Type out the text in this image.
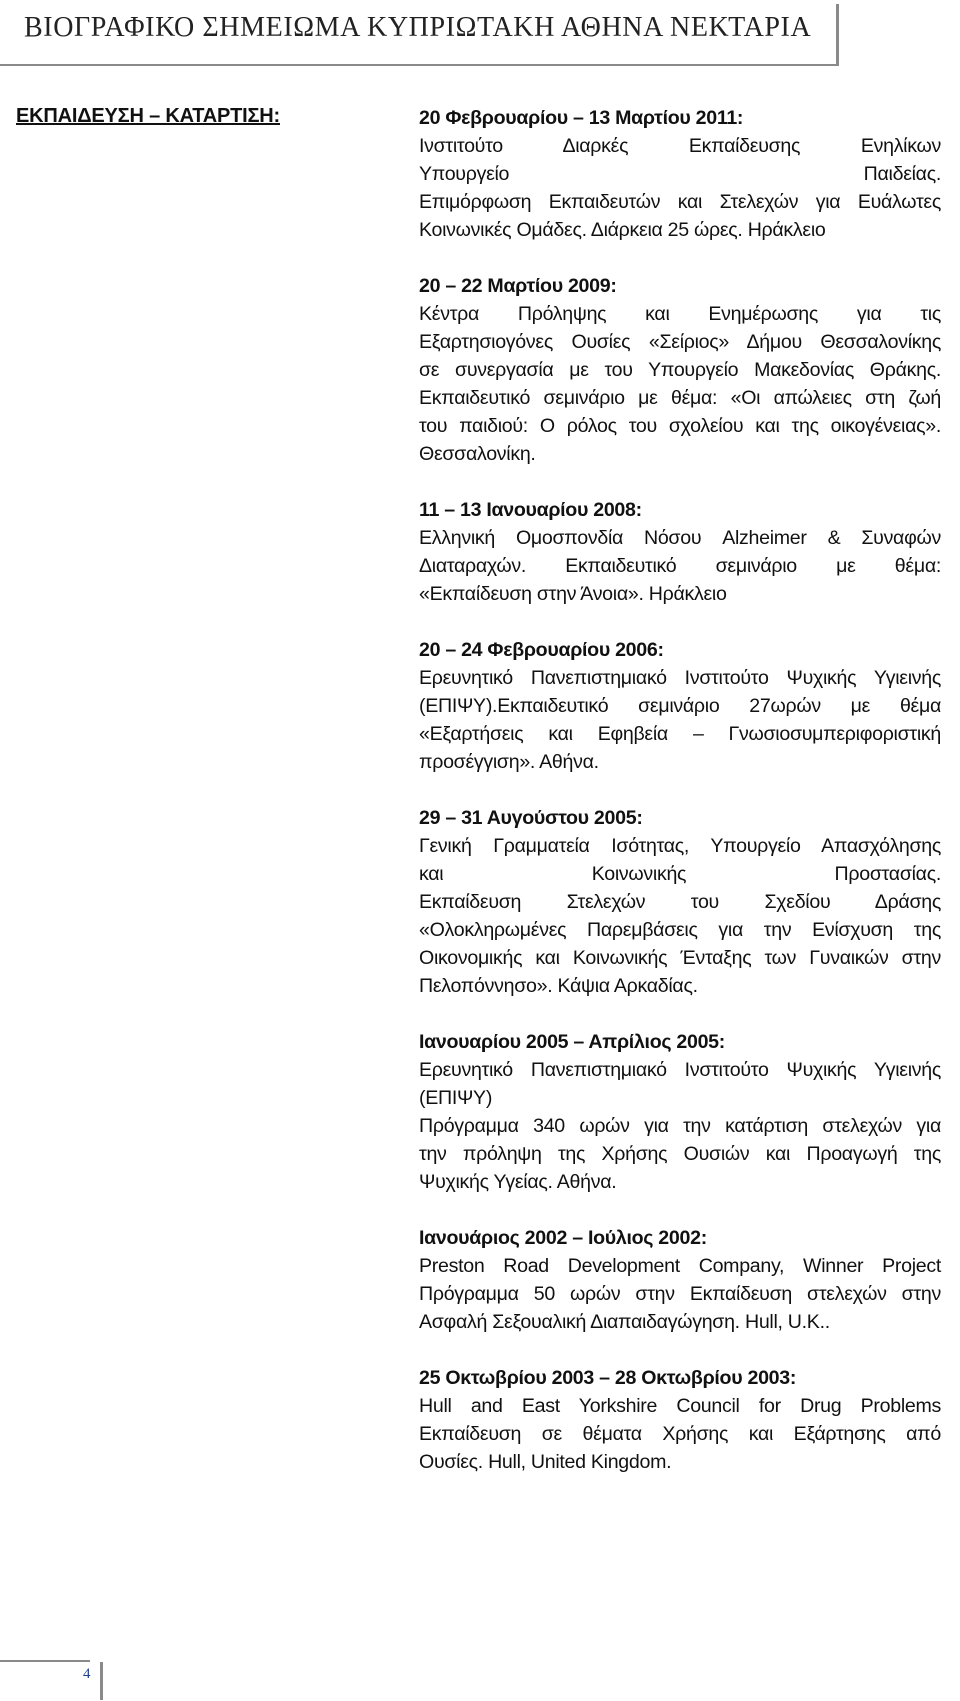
ΒΙΟΓΡΑΦΙΚΟ ΣΗΜΕΙΩΜΑ ΚΥΠΡΙΩΤΑΚΗ ΑΘΗΝΑ ΝΕΚΤΑΡΙΑ
ΕΚΠΑΙΔΕΥΣΗ – ΚΑΤΑΡΤΙΣΗ:	20 Φεβρουαρίου – 13 Μαρτίου 2011:
Ινστιτούτο Διαρκές Εκπαίδευσης Ενηλίκων
Υπουργείο Παιδείας.
Επιμόρφωση Εκπαιδευτών και Στελεχών για Ευάλωτες
Κοινωνικές Ομάδες. Διάρκεια 25 ώρες. Ηράκλειο
20 – 22 Μαρτίου 2009:
Κέντρα Πρόληψης και Ενημέρωσης για τις
Εξαρτησιογόνες Ουσίες «Σείριος» Δήμου Θεσσαλονίκης
σε συνεργασία με του Υπουργείο Μακεδονίας Θράκης.
Εκπαιδευτικό σεμινάριο με θέμα: «Οι απώλειες στη ζωή
του παιδιού: Ο ρόλος του σχολείου και της οικογένειας».
Θεσσαλονίκη.
11 – 13 Ιανουαρίου 2008:
Ελληνική Ομοσπονδία Νόσου Alzheimer & Συναφών
Διαταραχών. Εκπαιδευτικό σεμινάριο με θέμα:
«Εκπαίδευση στην Άνοια». Ηράκλειο
20 – 24 Φεβρουαρίου 2006:
Ερευνητικό Πανεπιστημιακό Ινστιτούτο Ψυχικής Υγιεινής
(ΕΠΙΨΥ).Εκπαιδευτικό σεμινάριο 27ωρών με θέμα
«Εξαρτήσεις και Εφηβεία – Γνωσιοσυμπεριφοριστική
προσέγγιση». Αθήνα.
29 – 31 Αυγούστου 2005:
Γενική Γραμματεία Ισότητας, Υπουργείο Απασχόλησης
και Κοινωνικής Προστασίας.
Εκπαίδευση Στελεχών του Σχεδίου Δράσης
«Ολοκληρωμένες Παρεμβάσεις για την Ενίσχυση της
Οικονομικής και Κοινωνικής Ένταξης των Γυναικών στην
Πελοπόννησο». Κάψια Αρκαδίας.
Ιανουαρίου 2005 – Απρίλιος 2005:
Ερευνητικό Πανεπιστημιακό Ινστιτούτο Ψυχικής Υγιεινής
(ΕΠΙΨΥ)
Πρόγραμμα 340 ωρών για την κατάρτιση στελεχών για
την πρόληψη της Χρήσης Ουσιών και Προαγωγή της
Ψυχικής Υγείας. Αθήνα.
Ιανουάριος 2002 – Ιούλιος 2002:
Preston Road Development Company, Winner Project
Πρόγραμμα 50 ωρών στην Εκπαίδευση στελεχών στην
Ασφαλή Σεξουαλική Διαπαιδαγώγηση. Hull, U.K..
25 Οκτωβρίου 2003 – 28 Οκτωβρίου 2003:
Hull and East Yorkshire Council for Drug Problems
Εκπαίδευση σε θέματα Χρήσης και Εξάρτησης από
Ουσίες. Hull, United Kingdom.
4
